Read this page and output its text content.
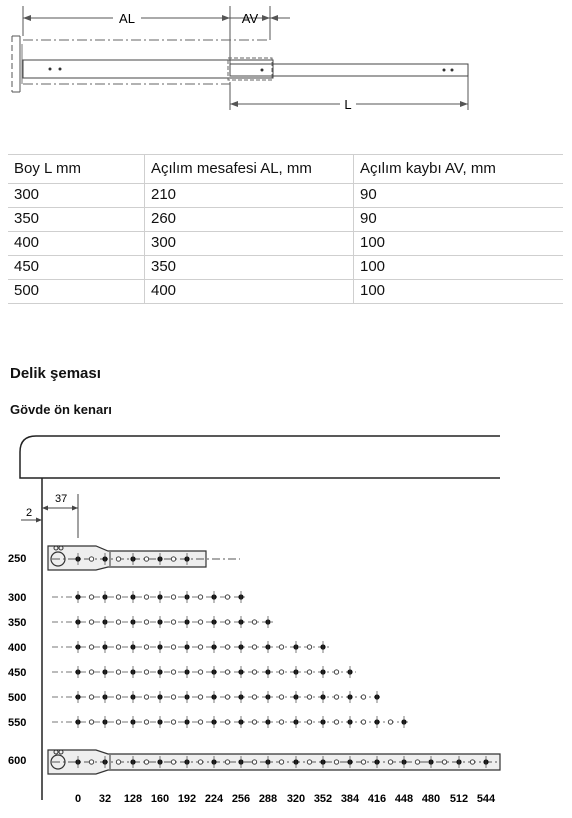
AL	AV
L
Boy L mm	Açılım mesafesi AL, mm	Açılım kaybı AV, mm
300	210	90
350	260	90
400	300	100
450	350	100
500	400	100
Delik şeması
Gövde ön kenarı
2
37
250
300
350
400
450
500
550
600
0 32 128 160 192 224 256 288 320 352 384 416 448 480 512 544
